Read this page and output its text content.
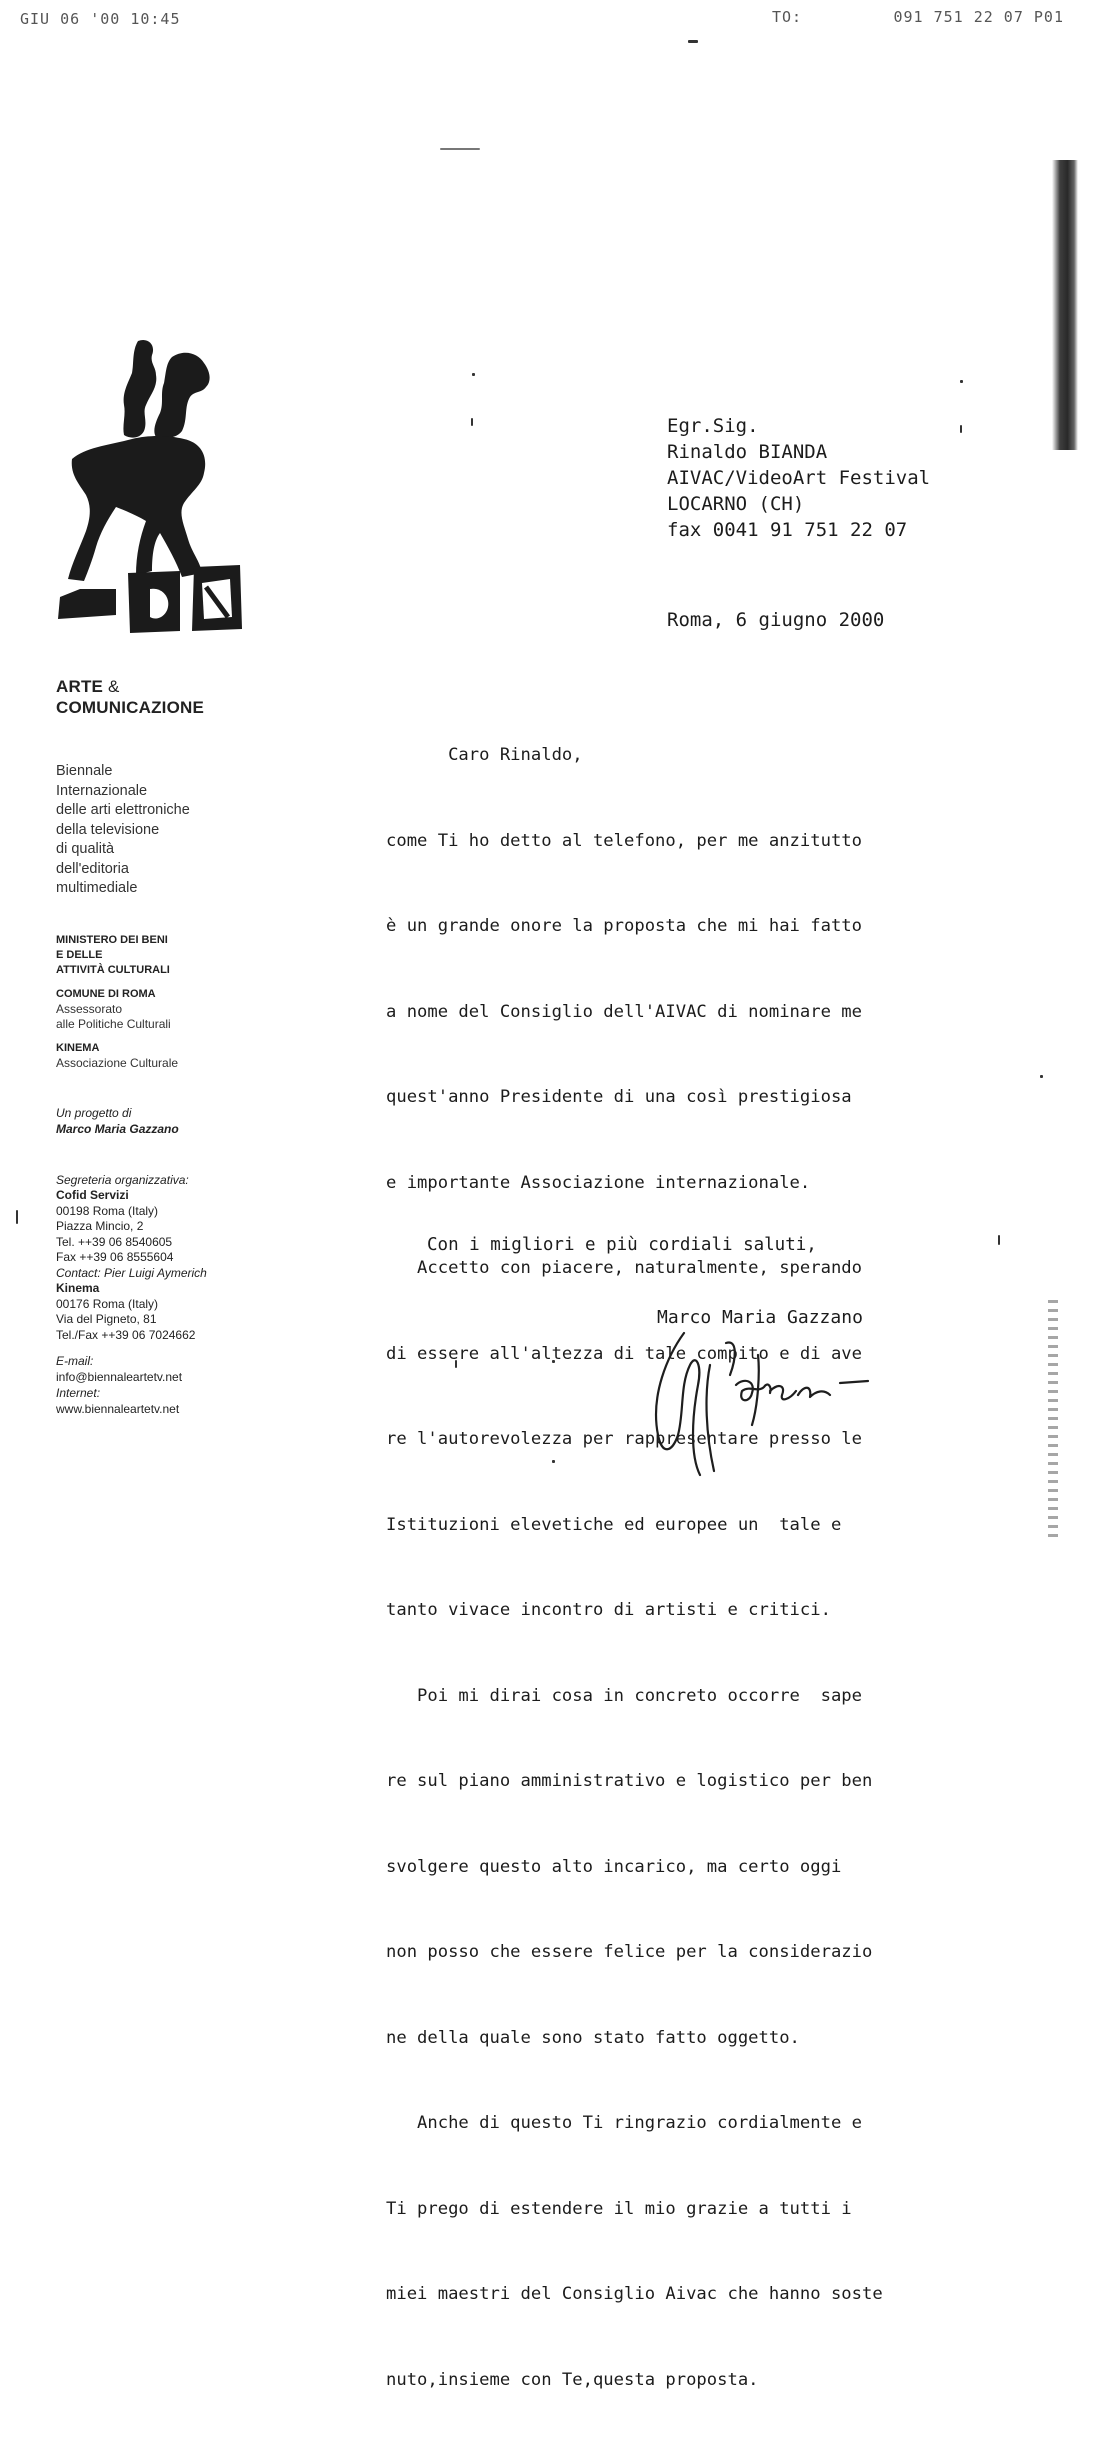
GIU 06 '00 10:45	TO:	091 751 22 07 P01
ARTE &
COMUNICAZIONE
Biennale
Internazionale
delle arti elettroniche
della televisione
di qualità
dell'editoria
multimediale
MINISTERO DEI BENI
E DELLE
ATTIVITÀ CULTURALI
COMUNE DI ROMA
Assessorato
alle Politiche Culturali
KINEMA
Associazione Culturale
Un progetto di
Marco Maria Gazzano
Segreteria organizzativa:
Cofid Servizi
00198 Roma (Italy)
Piazza Mincio, 2
Tel. ++39 06 8540605
Fax ++39 06 8555604
Contact: Pier Luigi Aymerich
Kinema
00176 Roma (Italy)
Via del Pigneto, 81
Tel./Fax ++39 06 7024662
E-mail:
info@biennaleartetv.net
Internet:
www.biennaleartetv.net
Egr.Sig.
Rinaldo BIANDA
AIVAC/VideoArt Festival
LOCARNO (CH)
fax 0041 91 751 22 07
Roma, 6 giugno 2000

Caro Rinaldo,

come Ti ho detto al telefono, per me anzitutto

è un grande onore la proposta che mi hai fatto

a nome del Consiglio dell'AIVAC di nominare me

quest'anno Presidente di una così prestigiosa

e importante Associazione internazionale.

Accetto con piacere, naturalmente, sperando

di essere all'altezza di tale compito e di ave

re l'autorevolezza per rappresentare presso le

Istituzioni elevetiche ed europee un  tale e

tanto vivace incontro di artisti e critici.

Poi mi dirai cosa in concreto occorre  sape

re sul piano amministrativo e logistico per ben

svolgere questo alto incarico, ma certo oggi

non posso che essere felice per la considerazio

ne della quale sono stato fatto oggetto.

Anche di questo Ti ringrazio cordialmente e

Ti prego di estendere il mio grazie a tutti i

miei maestri del Consiglio Aivac che hanno soste

nuto,insieme con Te,questa proposta.

Con i migliori e più cordiali saluti,
Marco Maria Gazzano
